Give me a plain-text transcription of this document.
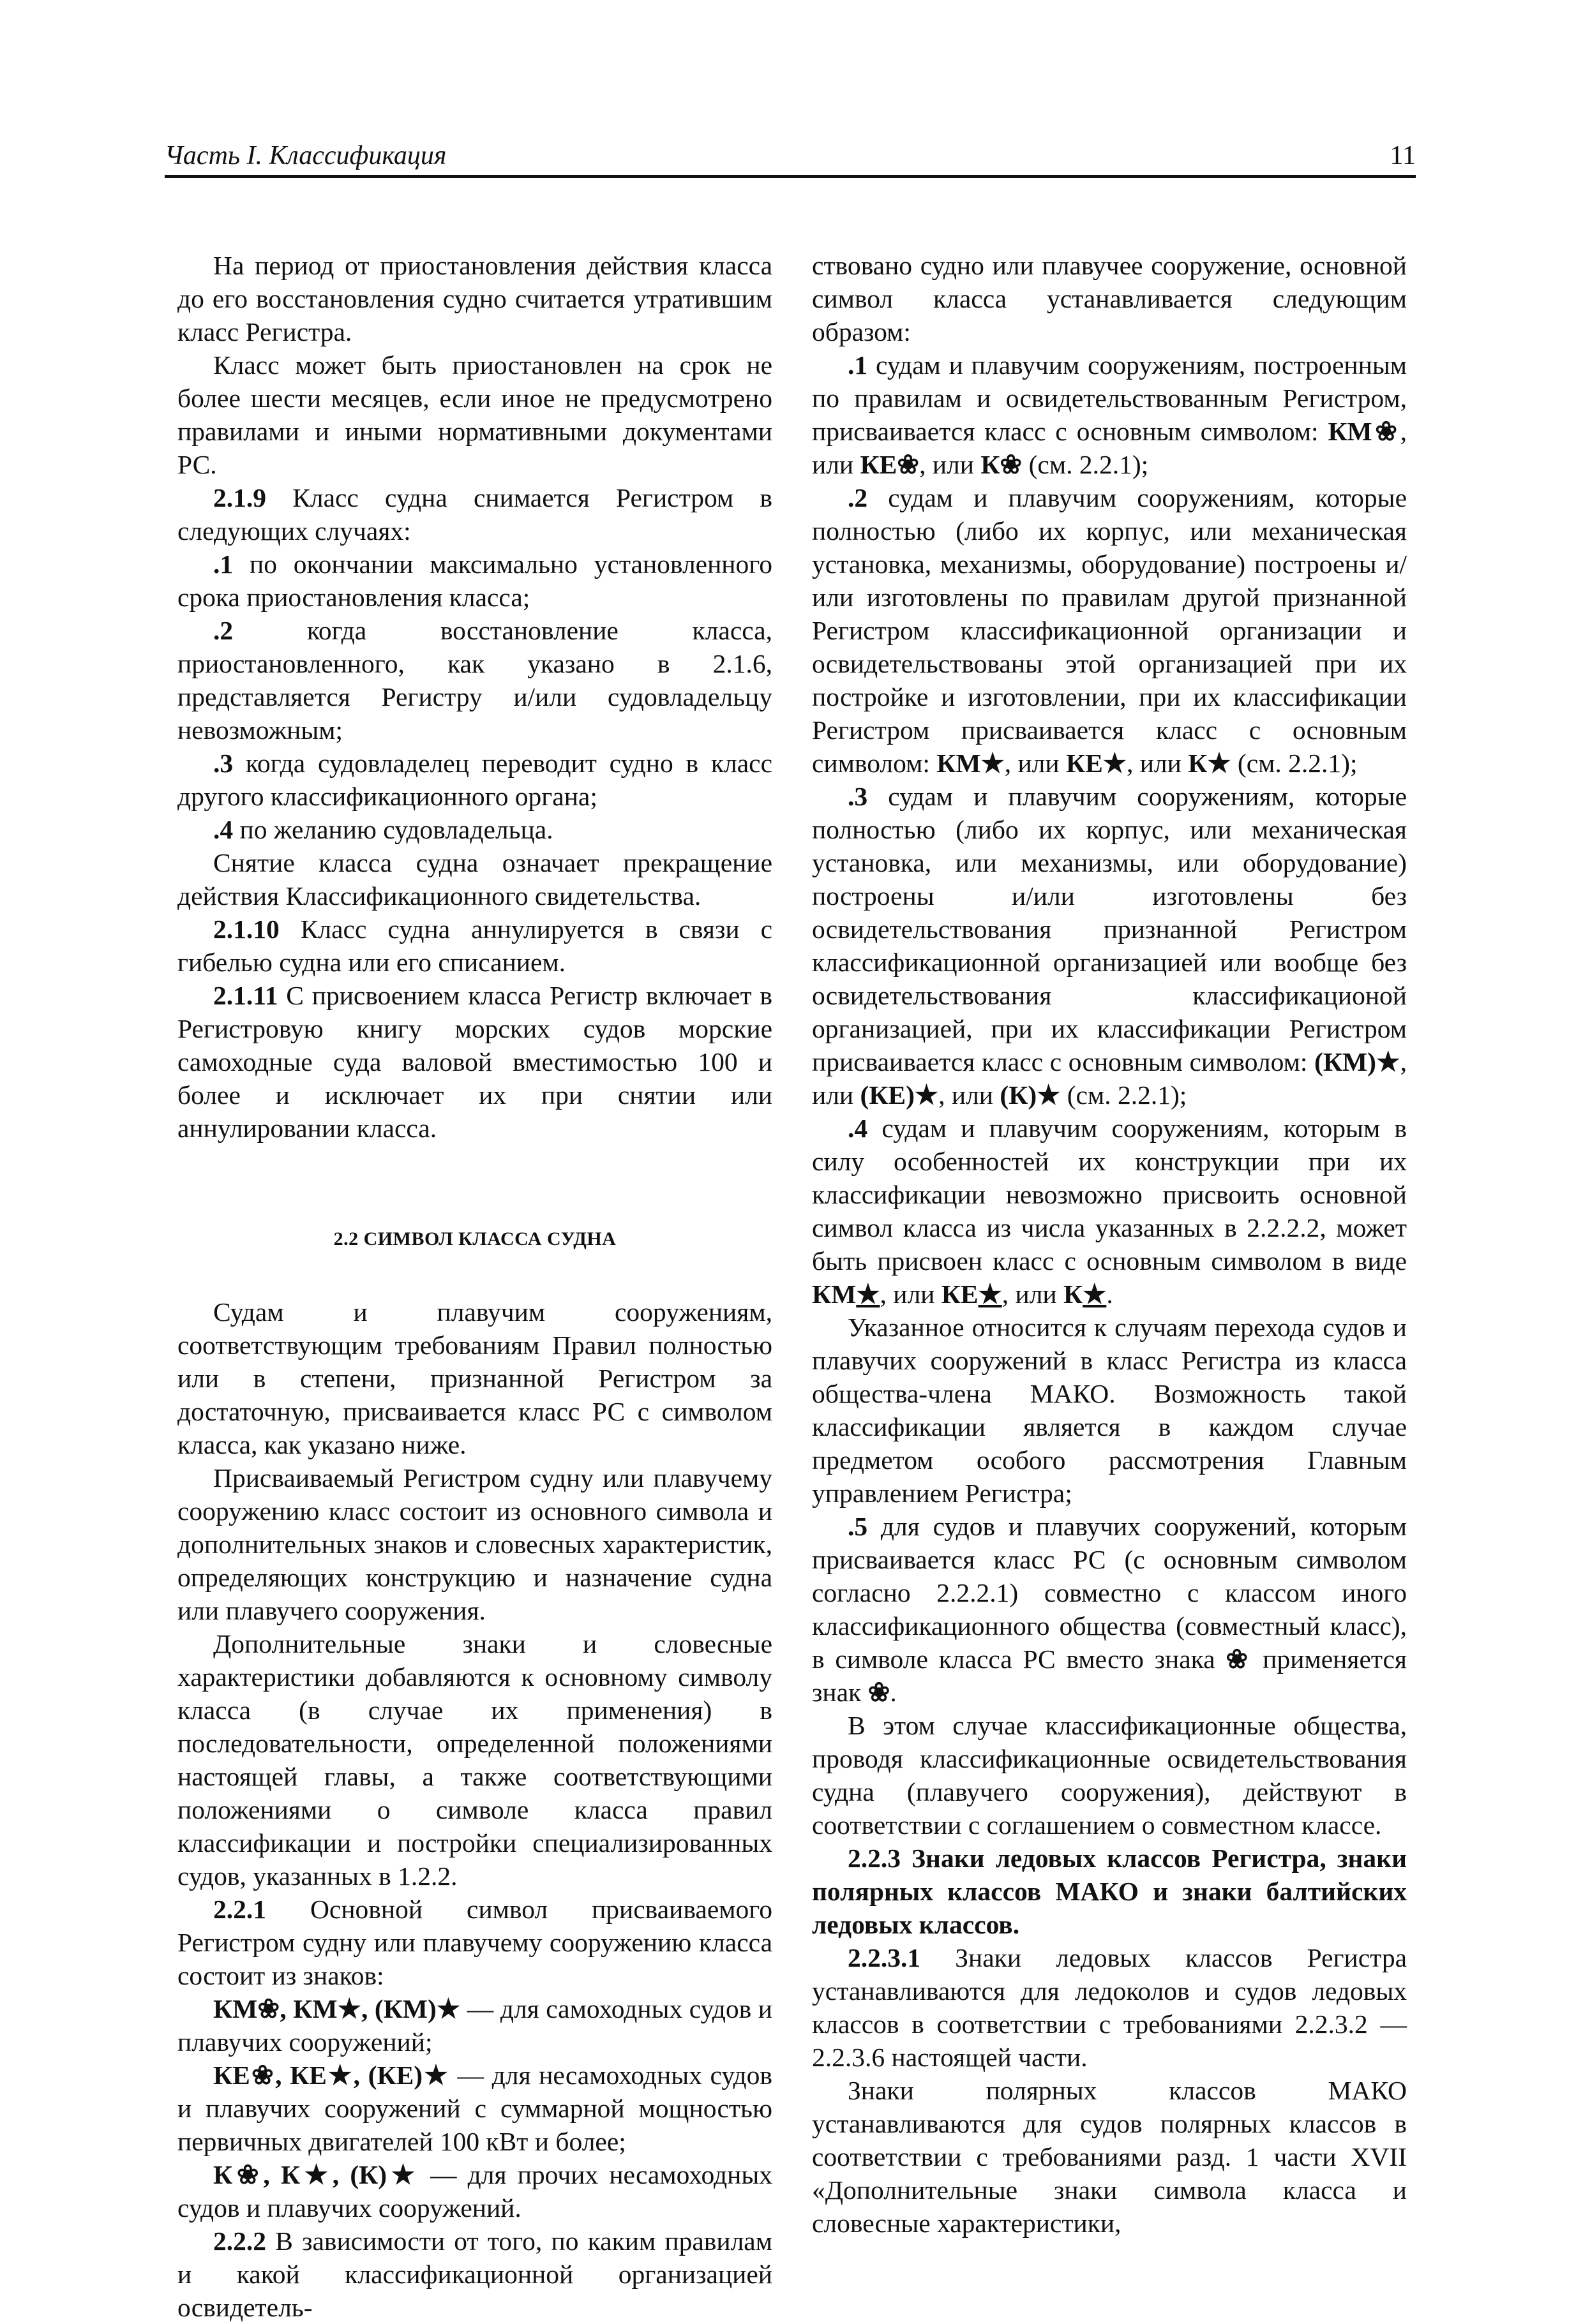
Часть I. Классификация	11

На период от приостановления действия класса до его восстановления судно считается утратившим класс Регистра.

Класс может быть приостановлен на срок не более шести месяцев, если иное не предусмотрено правилами и иными нормативными документами РС.

2.1.9 Класс судна снимается Регистром в следующих случаях:

.1 по окончании максимально установленного срока приостановления класса;

.2 когда восстановление класса, приостановленного, как указано в 2.1.6, представляется Регистру и/или судовладельцу невозможным;

.3 когда судовладелец переводит судно в класс другого классификационного органа;

.4 по желанию судовладельца.

Снятие класса судна означает прекращение действия Классификационного свидетельства.

2.1.10 Класс судна аннулируется в связи с гибелью судна или его списанием.

2.1.11 С присвоением класса Регистр включает в Регистровую книгу морских судов морские самоходные суда валовой вместимостью 100 и более и исключает их при снятии или аннулировании класса.

2.2 СИМВОЛ КЛАССА СУДНА

Судам и плавучим сооружениям, соответствующим требованиям Правил полностью или в степени, признанной Регистром за достаточную, присваивается класс РС с символом класса, как указано ниже.

Присваиваемый Регистром судну или плавучему сооружению класс состоит из основного символа и дополнительных знаков и словесных характеристик, определяющих конструкцию и назначение судна или плавучего сооружения.

Дополнительные знаки и словесные характеристики добавляются к основному символу класса (в случае их применения) в последовательности, определенной положениями настоящей главы, а также соответствующими положениями о символе класса правил классификации и постройки специализированных судов, указанных в 1.2.2.

2.2.1 Основной символ присваиваемого Регистром судну или плавучему сооружению класса состоит из знаков:

КМ❀, КМ★, (КМ)★ — для самоходных судов и плавучих сооружений;

КЕ❀, КЕ★, (КЕ)★ — для несамоходных судов и плавучих сооружений с суммарной мощностью первичных двигателей 100 кВт и более;

К❀, К★, (К)★ — для прочих несамоходных судов и плавучих сооружений.

2.2.2 В зависимости от того, по каким правилам и какой классификационной организацией освидетель-

ствовано судно или плавучее сооружение, основной символ класса устанавливается следующим образом:

.1 судам и плавучим сооружениям, построенным по правилам и освидетельствованным Регистром, присваивается класс с основным символом: КМ❀, или КЕ❀, или К❀ (см. 2.2.1);

.2 судам и плавучим сооружениям, которые полностью (либо их корпус, или механическая установка, механизмы, оборудование) построены и/или изготовлены по правилам другой признанной Регистром классификационной организации и освидетельствованы этой организацией при их постройке и изготовлении, при их классификации Регистром присваивается класс с основным символом: КМ★, или КЕ★, или К★ (см. 2.2.1);

.3 судам и плавучим сооружениям, которые полностью (либо их корпус, или механическая установка, или механизмы, или оборудование) построены и/или изготовлены без освидетельствования признанной Регистром классификационной организацией или вообще без освидетельствования классификационой организацией, при их классификации Регистром присваивается класс с основным символом: (КМ)★, или (КЕ)★, или (К)★ (см. 2.2.1);

.4 судам и плавучим сооружениям, которым в силу особенностей их конструкции при их классификации невозможно присвоить основной символ класса из числа указанных в 2.2.2.2, может быть присвоен класс с основным символом в виде КМ★, или КЕ★, или К★.

Указанное относится к случаям перехода судов и плавучих сооружений в класс Регистра из класса общества-члена МАКО. Возможность такой классификации является в каждом случае предметом особого рассмотрения Главным управлением Регистра;

.5 для судов и плавучих сооружений, которым присваивается класс РС (с основным символом согласно 2.2.2.1) совместно с классом иного классификационного общества (совместный класс), в символе класса РС вместо знака ❀ применяется знак ❀.

В этом случае классификационные общества, проводя классификационные освидетельствования судна (плавучего сооружения), действуют в соответствии с соглашением о совместном классе.

2.2.3 Знаки ледовых классов Регистра, знаки полярных классов МАКО и знаки балтийских ледовых классов.

2.2.3.1 Знаки ледовых классов Регистра устанавливаются для ледоколов и судов ледовых классов в соответствии с требованиями 2.2.3.2 — 2.2.3.6 настоящей части.

Знаки полярных классов МАКО устанавливаются для судов полярных классов в соответствии с требованиями разд. 1 части XVII «Дополнительные знаки символа класса и словесные характеристики,
